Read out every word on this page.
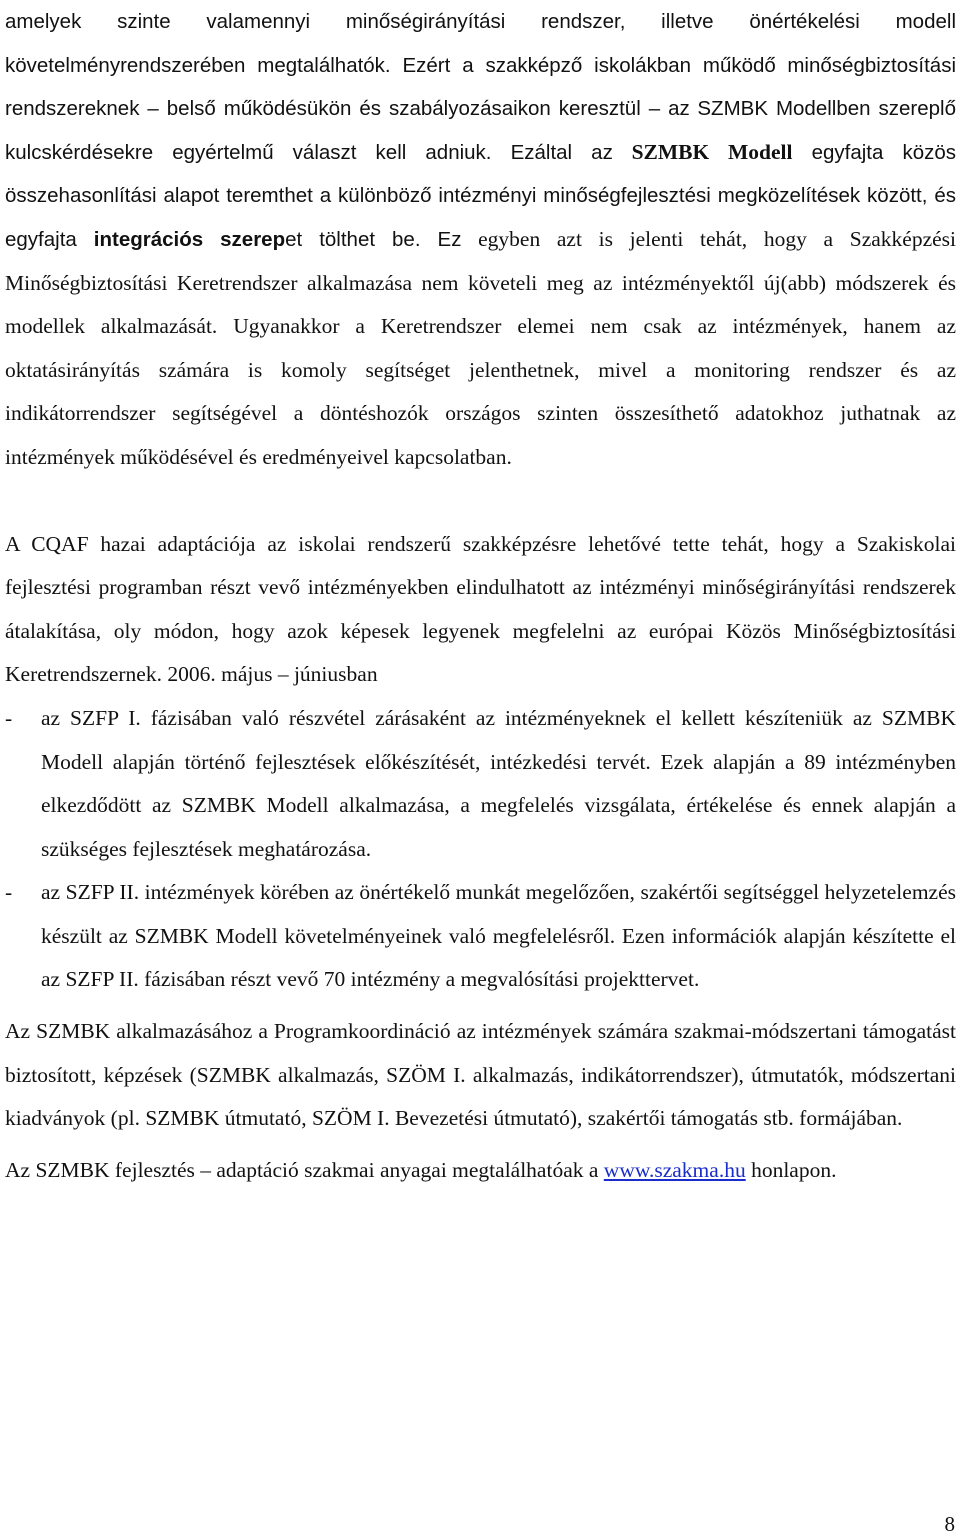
amelyek szinte valamennyi minőségirányítási rendszer, illetve önértékelési modell követelményrendszerében megtalálhatók. Ezért a szakképző iskolákban működő minőségbiztosítási rendszereknek – belső működésükön és szabályozásaikon keresztül – az SZMBK Modellben szereplő kulcskérdésekre egyértelmű választ kell adniuk. Ezáltal az SZMBK Modell egyfajta közös összehasonlítási alapot teremthet a különböző intézményi minőségfejlesztési megközelítések között, és egyfajta integrációs szerepet tölthet be. Ez egyben azt is jelenti tehát, hogy a Szakképzési Minőségbiztosítási Keretrendszer alkalmazása nem követeli meg az intézményektől új(abb) módszerek és modellek alkalmazását. Ugyanakkor a Keretrendszer elemei nem csak az intézmények, hanem az oktatásirányítás számára is komoly segítséget jelenthetnek, mivel a monitoring rendszer és az indikátorrendszer segítségével a döntéshozók országos szinten összesíthető adatokhoz juthatnak az intézmények működésével és eredményeivel kapcsolatban.

A CQAF hazai adaptációja az iskolai rendszerű szakképzésre lehetővé tette tehát, hogy a Szakiskolai fejlesztési programban részt vevő intézményekben elindulhatott az intézményi minőségirányítási rendszerek átalakítása, oly módon, hogy azok képesek legyenek megfelelni az európai Közös Minőségbiztosítási Keretrendszernek. 2006. május – júniusban

- az SZFP I. fázisában való részvétel zárásaként az intézményeknek el kellett készíteniük az SZMBK Modell alapján történő fejlesztések előkészítését, intézkedési tervét. Ezek alapján a 89 intézményben elkezdődött az SZMBK Modell alkalmazása, a megfelelés vizsgálata, értékelése és ennek alapján a szükséges fejlesztések meghatározása.
- az SZFP II. intézmények körében az önértékelő munkát megelőzően, szakértői segítséggel helyzetelemzés készült az SZMBK Modell követelményeinek való megfelelésről. Ezen információk alapján készítette el az SZFP II. fázisában részt vevő 70 intézmény a megvalósítási projekttervet.

Az SZMBK alkalmazásához a Programkoordináció az intézmények számára szakmai-módszertani támogatást biztosított, képzések (SZMBK alkalmazás, SZÖM I. alkalmazás, indikátorrendszer), útmutatók, módszertani kiadványok (pl. SZMBK útmutató, SZÖM I. Bevezetési útmutató), szakértői támogatás stb. formájában.

Az SZMBK fejlesztés – adaptáció szakmai anyagai megtalálhatóak a www.szakma.hu honlapon.

8
